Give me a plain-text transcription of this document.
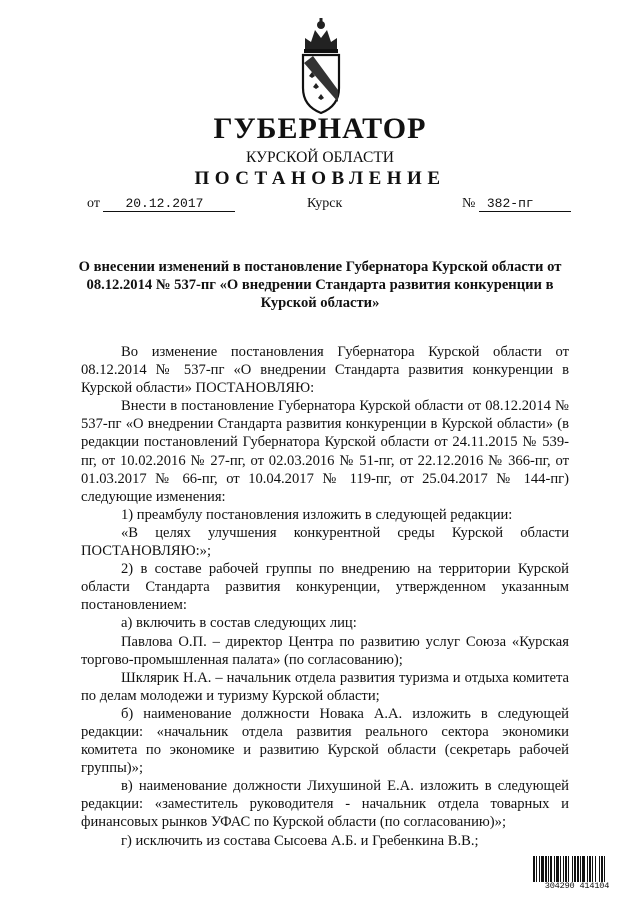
ГУБЕРНАТОР
КУРСКОЙ ОБЛАСТИ
ПОСТАНОВЛЕНИЕ
от 20.12.2017	Курск	№ 382-пг
О внесении изменений в постановление Губернатора Курской области от 08.12.2014 № 537-пг «О внедрении Стандарта развития конкуренции в Курской области»

Во изменение постановления Губернатора Курской области от 08.12.2014 № 537-пг «О внедрении Стандарта развития конкуренции в Курской области» ПОСТАНОВЛЯЮ:

Внести в постановление Губернатора Курской области от 08.12.2014 № 537-пг «О внедрении Стандарта развития конкуренции в Курской области» (в редакции постановлений Губернатора Курской области от 24.11.2015 № 539-пг, от 10.02.2016 № 27-пг, от 02.03.2016 № 51-пг, от 22.12.2016 № 366-пг, от 01.03.2017 № 66-пг, от 10.04.2017 № 119-пг, от 25.04.2017 № 144-пг) следующие изменения:

1) преамбулу постановления изложить в следующей редакции:

«В целях улучшения конкурентной среды Курской области ПОСТАНОВЛЯЮ:»;

2) в составе рабочей группы по внедрению на территории Курской области Стандарта развития конкуренции, утвержденном указанным постановлением:

а) включить в состав следующих лиц:

Павлова О.П. – директор Центра по развитию услуг Союза «Курская торгово-промышленная палата» (по согласованию);

Шклярик Н.А. – начальник отдела развития туризма и отдыха комитета по делам молодежи и туризму Курской области;

б) наименование должности Новака А.А. изложить в следующей редакции: «начальник отдела развития реального сектора экономики комитета по экономике и развитию Курской области (секретарь рабочей группы)»;

в) наименование должности Лихушиной Е.А. изложить в следующей редакции: «заместитель руководителя - начальник отдела товарных и финансовых рынков УФАС по Курской области (по согласованию)»;

г) исключить из состава Сысоева А.Б. и Гребенкина В.В.;

304290 414104
